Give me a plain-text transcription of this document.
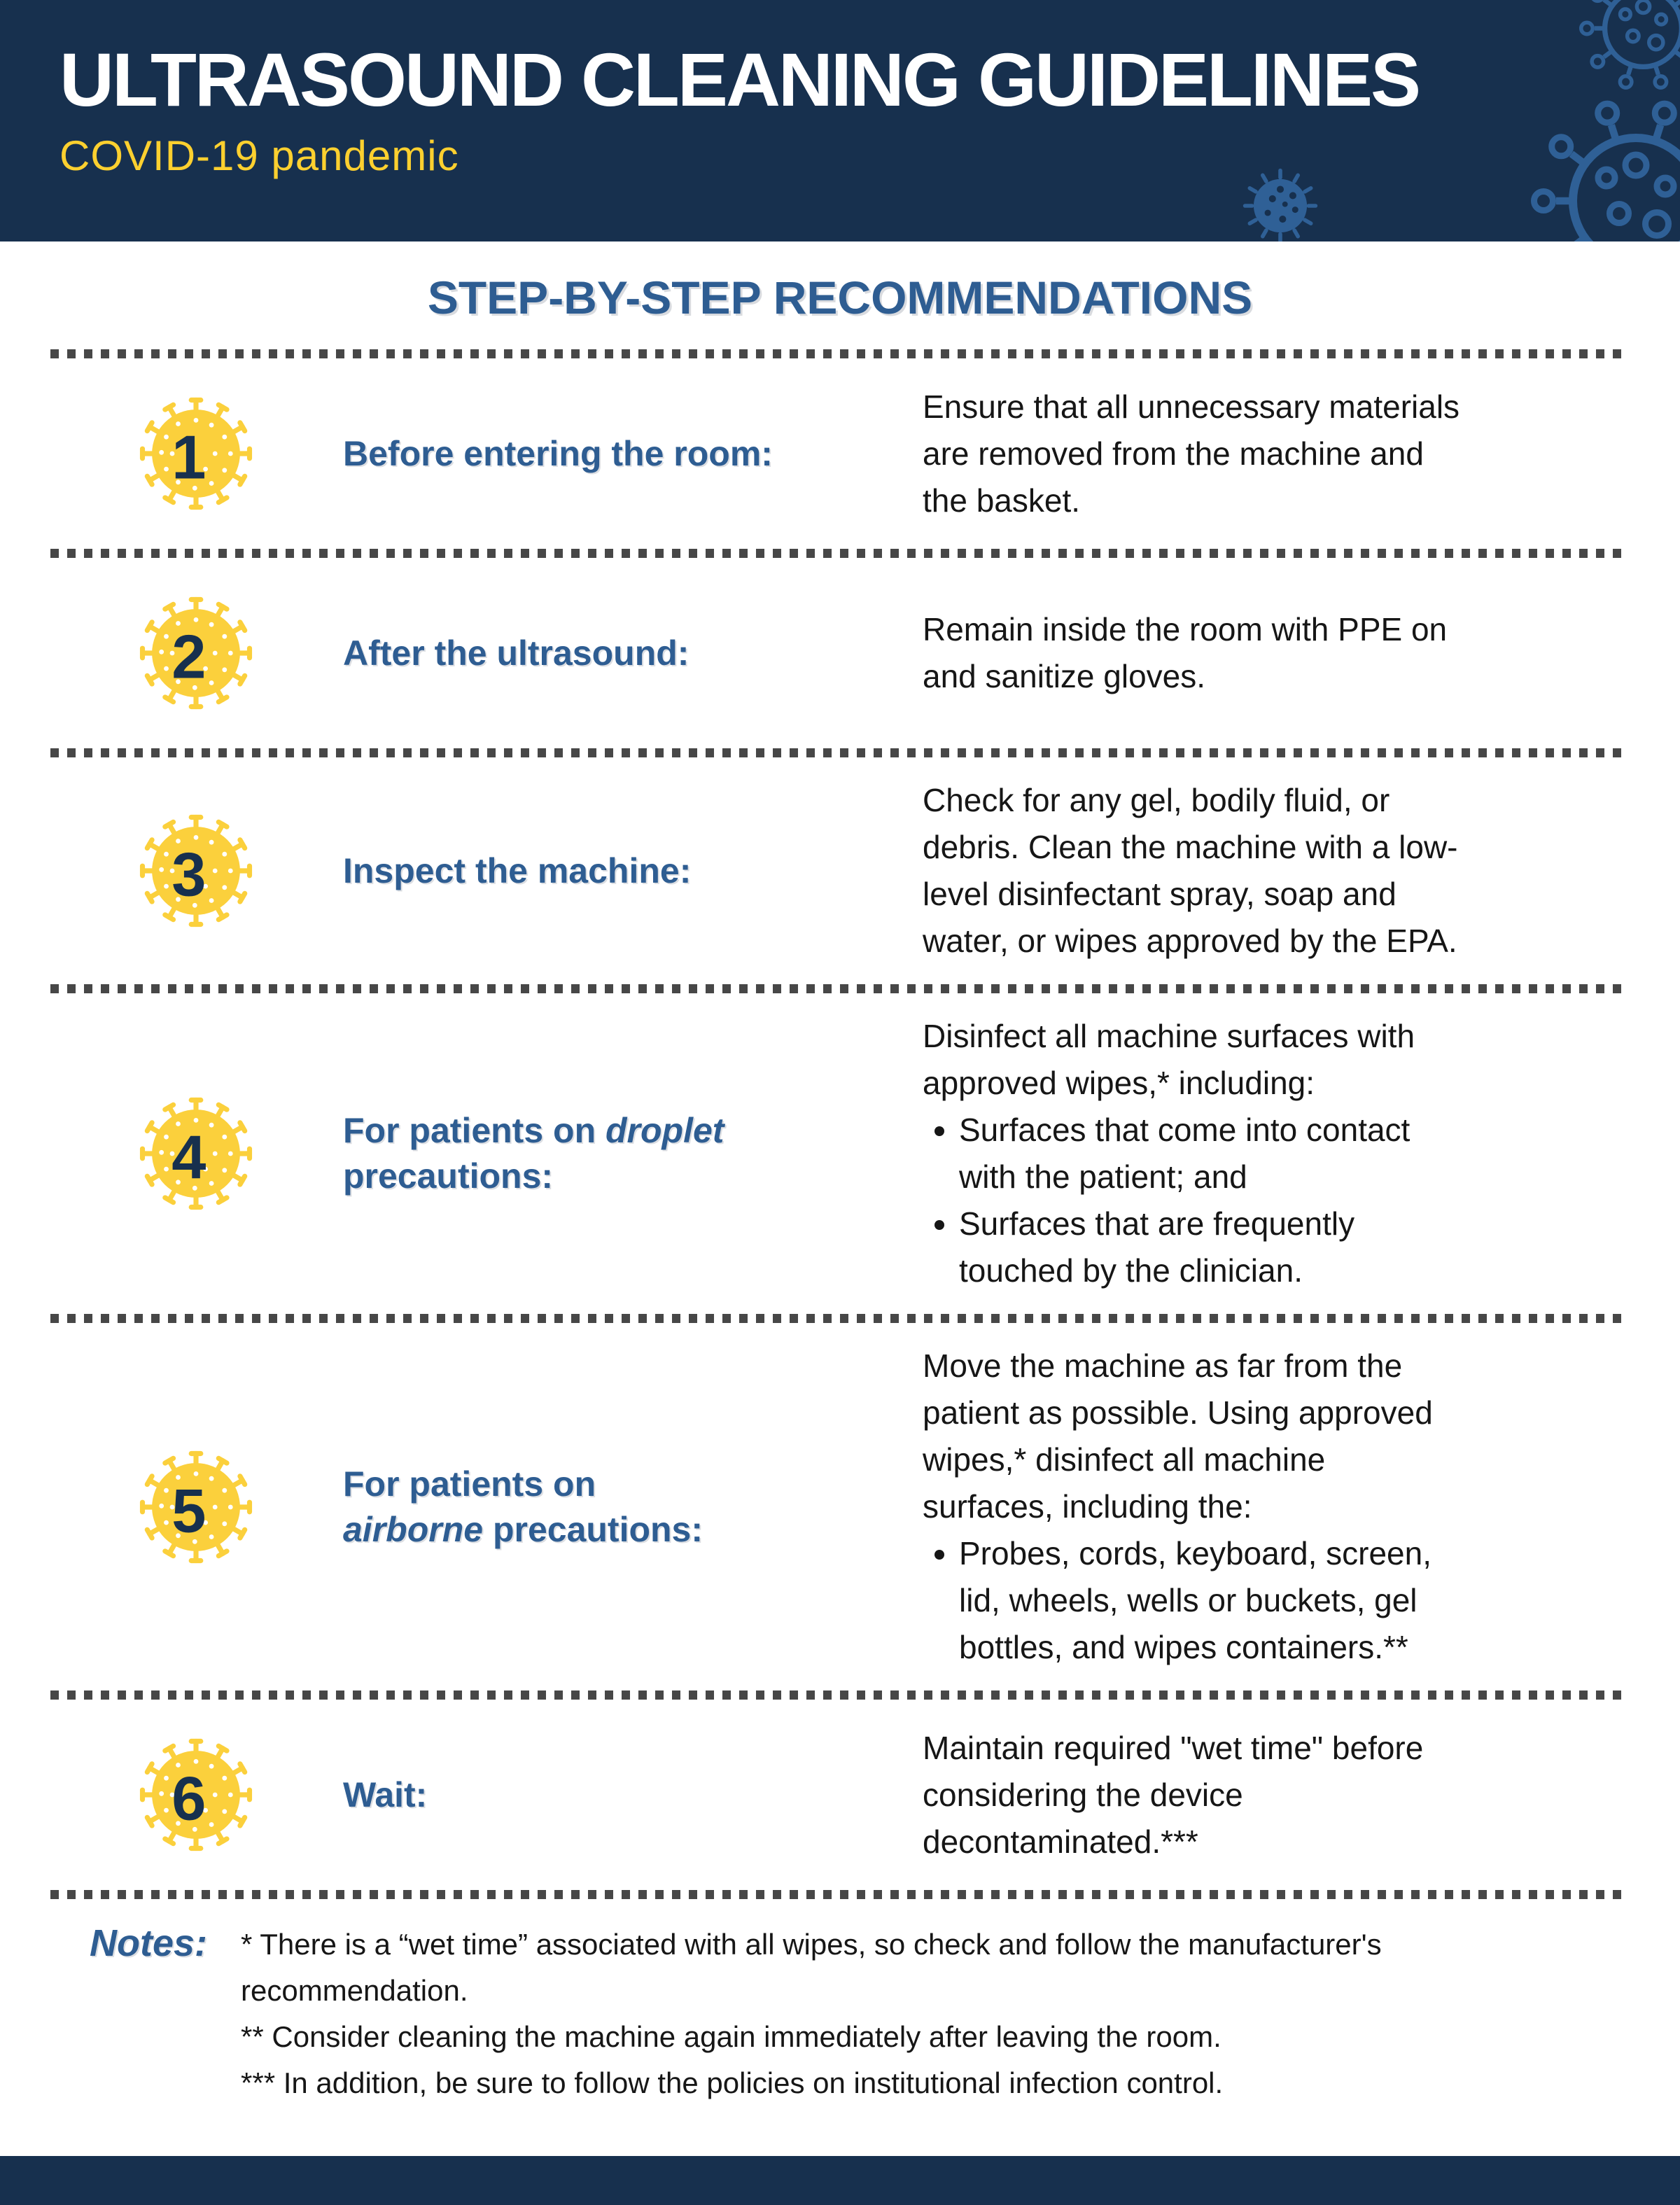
ULTRASOUND CLEANING GUIDELINES
COVID-19 pandemic
STEP-BY-STEP RECOMMENDATIONS
1	Before entering the room:

Ensure that all unnecessary materials are removed from the machine and the basket.

2	After the ultrasound:

Remain inside the room with PPE on and sanitize gloves.

3	Inspect the machine:

Check for any gel, bodily fluid, or debris. Clean the machine with a low-level disinfectant spray, soap and water, or wipes approved by the EPA.

4	For patients on droplet
precautions:

Disinfect all machine surfaces with approved wipes,* including:

• Surfaces that come into contact with the patient; and
• Surfaces that are frequently touched by the clinician.
5	For patients on
airborne precautions:

Move the machine as far from the patient as possible. Using approved wipes,* disinfect all machine surfaces, including the:

• Probes, cords, keyboard, screen, lid, wheels, wells or buckets, gel bottles, and wipes containers.**
6	Wait:

Maintain required "wet time" before considering the device decontaminated.***

Notes: * There is a “wet time” associated with all wipes, so check and follow the manufacturer's recommendation.

** Consider cleaning the machine again immediately after leaving the room.

*** In addition, be sure to follow the policies on institutional infection control.
